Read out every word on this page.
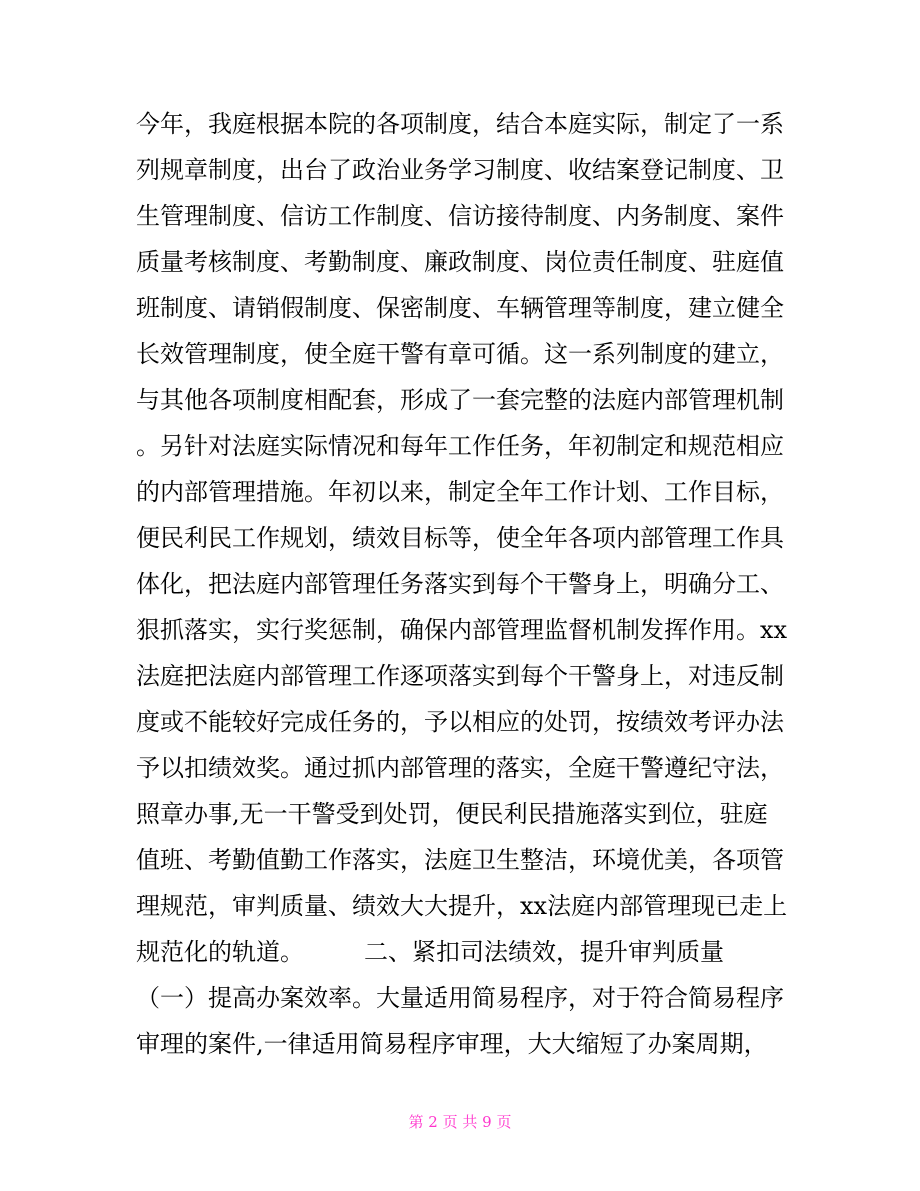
今年，我庭根据本院的各项制度，结合本庭实际，制定了一系
列规章制度，出台了政治业务学习制度、收结案登记制度、卫
生管理制度、信访工作制度、信访接待制度、内务制度、案件
质量考核制度、考勤制度、廉政制度、岗位责任制度、驻庭值
班制度、请销假制度、保密制度、车辆管理等制度，建立健全
长效管理制度，使全庭干警有章可循。这一系列制度的建立，
与其他各项制度相配套，形成了一套完整的法庭内部管理机制
。另针对法庭实际情况和每年工作任务，年初制定和规范相应
的内部管理措施。年初以来，制定全年工作计划、工作目标，
便民利民工作规划，绩效目标等，使全年各项内部管理工作具
体化，把法庭内部管理任务落实到每个干警身上，明确分工、
狠抓落实，实行奖惩制，确保内部管理监督机制发挥作用。xx
法庭把法庭内部管理工作逐项落实到每个干警身上，对违反制
度或不能较好完成任务的，予以相应的处罚，按绩效考评办法
予以扣绩效奖。通过抓内部管理的落实，全庭干警遵纪守法，
照章办事,无一干警受到处罚，便民利民措施落实到位，驻庭
值班、考勤值勤工作落实，法庭卫生整洁，环境优美，各项管
理规范，审判质量、绩效大大提升，xx法庭内部管理现已走上
规范化的轨道。　　　二、紧扣司法绩效，提升审判质量
（一）提高办案效率。大量适用简易程序，对于符合简易程序
审理的案件,一律适用简易程序审理，大大缩短了办案周期，
第 2 页 共 9 页
